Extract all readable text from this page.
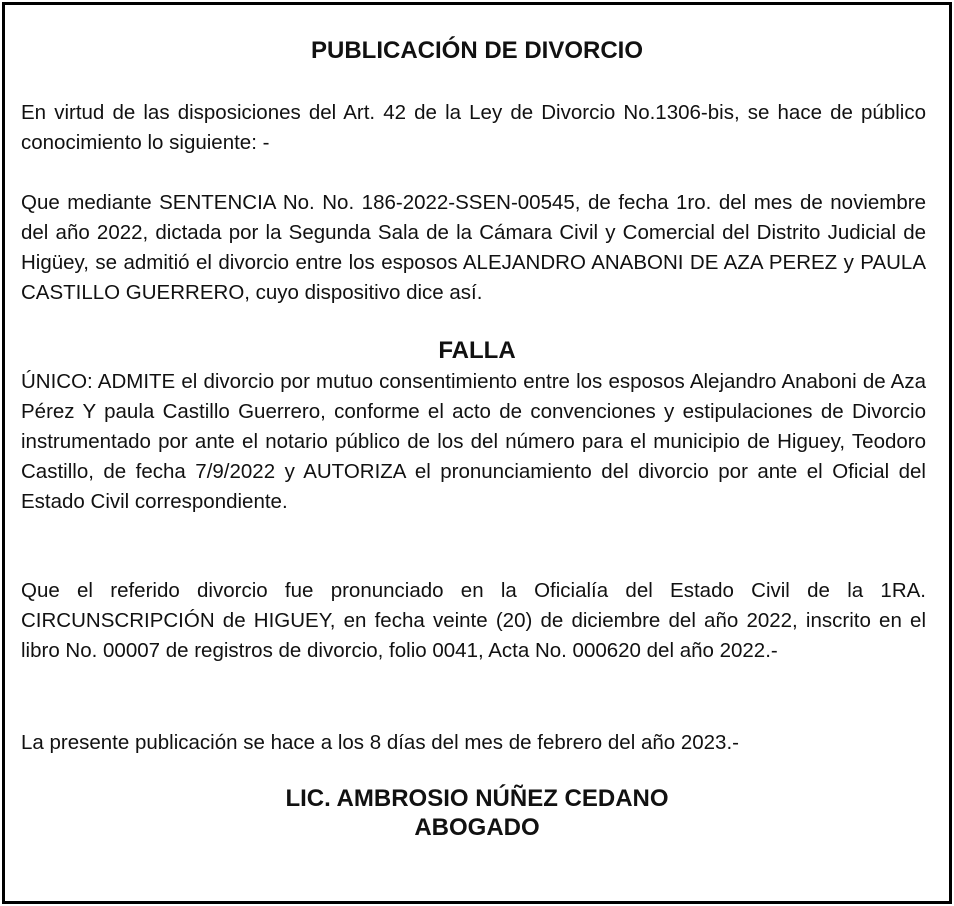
PUBLICACIÓN DE DIVORCIO

En virtud de las disposiciones del Art. 42 de la Ley de Divorcio No.1306-bis, se hace de público conocimiento lo siguiente: -

Que mediante SENTENCIA No. No. 186-2022-SSEN-00545, de fecha 1ro. del mes de noviembre del año 2022, dictada por la Segunda Sala de la Cámara Civil y Comercial del Distrito Judicial de Higüey, se admitió el divorcio entre los esposos ALEJANDRO ANABONI DE AZA PEREZ y PAULA CASTILLO GUERRERO, cuyo dispositivo dice así.

FALLA

ÚNICO: ADMITE el divorcio por mutuo consentimiento entre los esposos Alejandro Anaboni de Aza Pérez Y paula Castillo Guerrero, conforme el acto de convenciones y estipulaciones de Divorcio instrumentado por ante el notario público de los del número para el municipio de Higuey, Teodoro Castillo, de fecha 7/9/2022 y AUTORIZA el pronunciamiento del divorcio por ante el Oficial del Estado Civil correspondiente.

Que el referido divorcio fue pronunciado en la Oficialía del Estado Civil de la 1RA. CIRCUNSCRIPCIÓN de HIGUEY, en fecha veinte (20) de diciembre del año 2022, inscrito en el libro No. 00007 de registros de divorcio, folio 0041, Acta No. 000620 del año 2022.-

La presente publicación se hace a los 8 días del mes de febrero del año 2023.-

LIC. AMBROSIO NÚÑEZ CEDANO
ABOGADO
